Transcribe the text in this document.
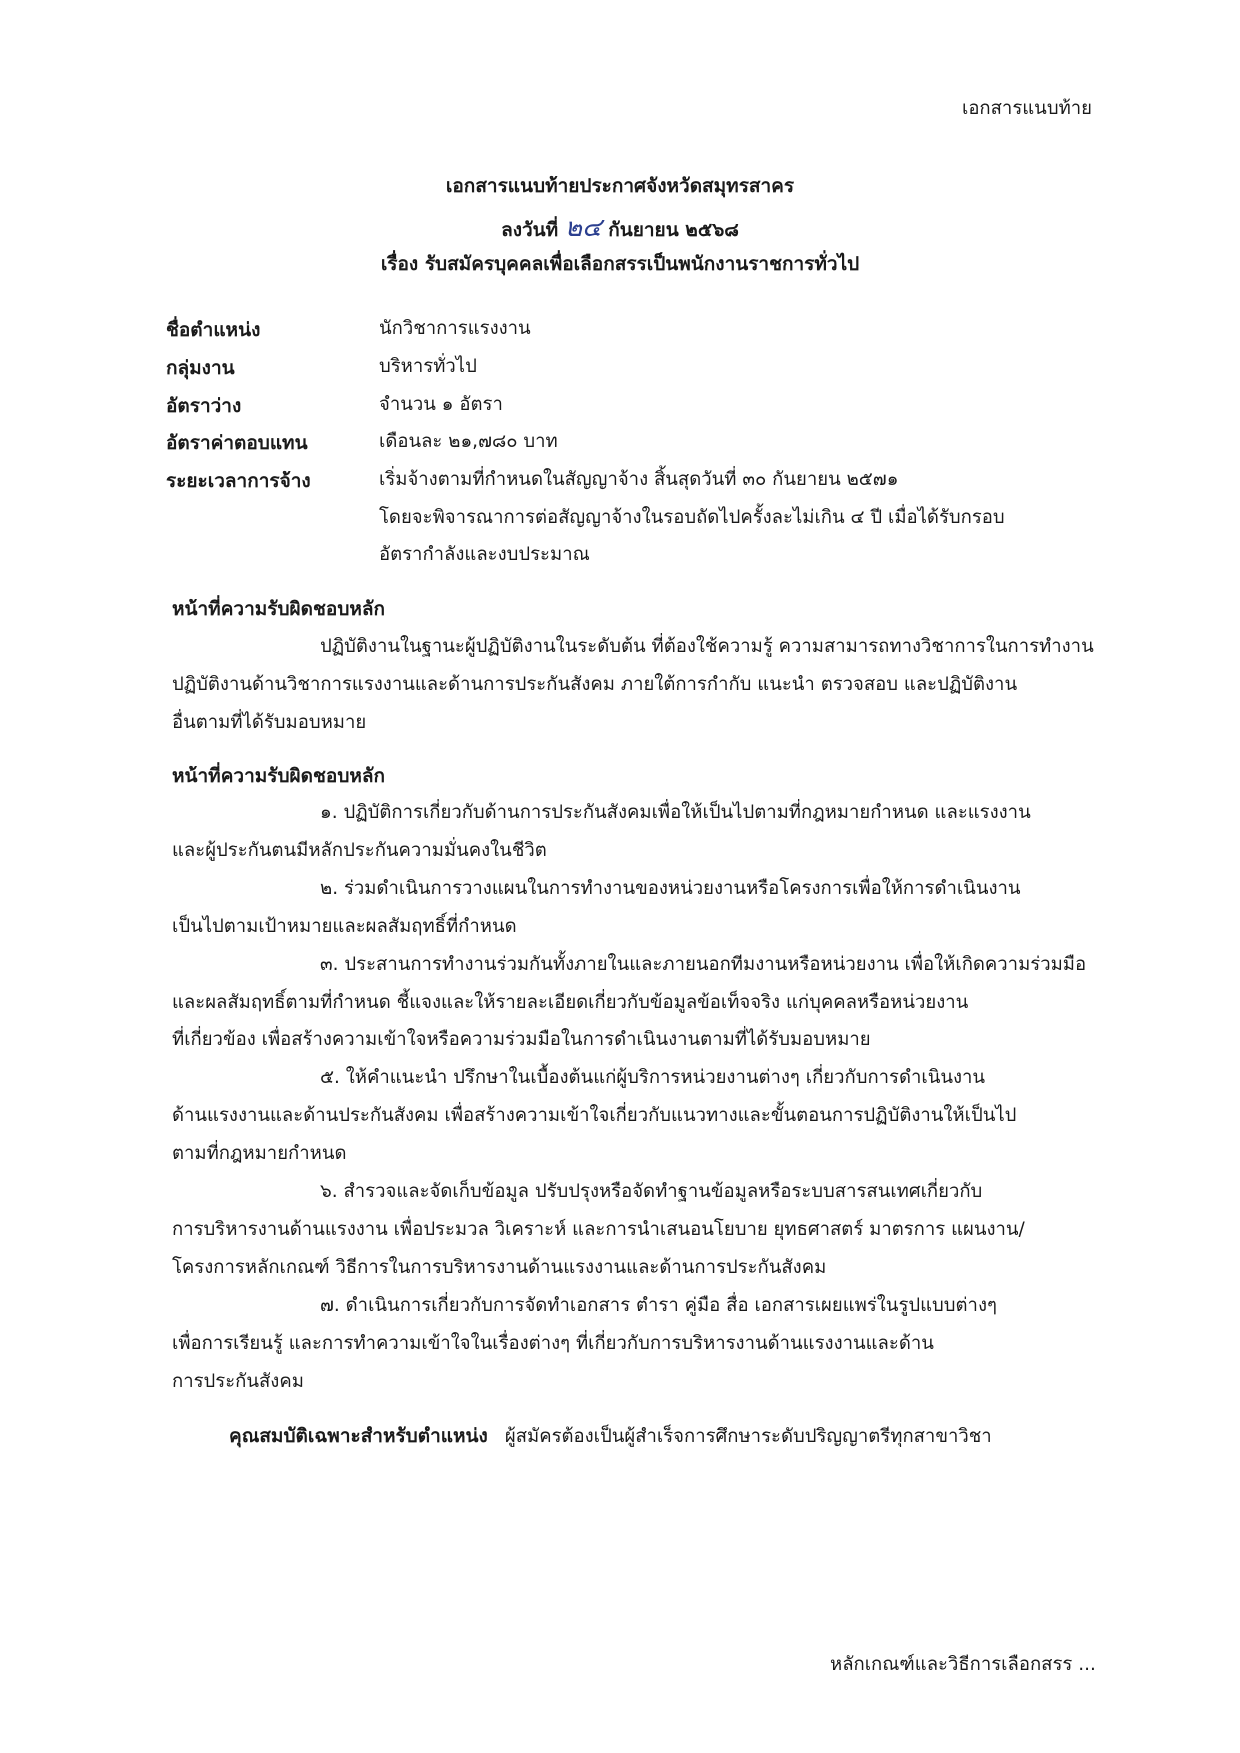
เอกสารแนบท้าย
เอกสารแนบท้ายประกาศจังหวัดสมุทรสาคร
ลงวันที่ ๒๔ กันยายน ๒๕๖๘
เรื่อง รับสมัครบุคคลเพื่อเลือกสรรเป็นพนักงานราชการทั่วไป
ชื่อตำแหน่ง	นักวิชาการแรงงาน
กลุ่มงาน	บริหารทั่วไป
อัตราว่าง	จำนวน ๑ อัตรา
อัตราค่าตอบแทน	เดือนละ ๒๑,๗๘๐ บาท
ระยะเวลาการจ้าง	เริ่มจ้างตามที่กำหนดในสัญญาจ้าง สิ้นสุดวันที่ ๓๐ กันยายน ๒๕๗๑
โดยจะพิจารณาการต่อสัญญาจ้างในรอบถัดไปครั้งละไม่เกิน ๔ ปี เมื่อได้รับกรอบ
อัตรากำลังและงบประมาณ
หน้าที่ความรับผิดชอบหลัก
ปฏิบัติงานในฐานะผู้ปฏิบัติงานในระดับต้น ที่ต้องใช้ความรู้ ความสามารถทางวิชาการในการทำงาน
ปฏิบัติงานด้านวิชาการแรงงานและด้านการประกันสังคม ภายใต้การกำกับ แนะนำ ตรวจสอบ และปฏิบัติงาน
อื่นตามที่ได้รับมอบหมาย
หน้าที่ความรับผิดชอบหลัก
๑. ปฏิบัติการเกี่ยวกับด้านการประกันสังคมเพื่อให้เป็นไปตามที่กฎหมายกำหนด และแรงงาน
และผู้ประกันตนมีหลักประกันความมั่นคงในชีวิต
๒. ร่วมดำเนินการวางแผนในการทำงานของหน่วยงานหรือโครงการเพื่อให้การดำเนินงาน
เป็นไปตามเป้าหมายและผลสัมฤทธิ์ที่กำหนด
๓. ประสานการทำงานร่วมกันทั้งภายในและภายนอกทีมงานหรือหน่วยงาน เพื่อให้เกิดความร่วมมือ
และผลสัมฤทธิ์ตามที่กำหนด ชี้แจงและให้รายละเอียดเกี่ยวกับข้อมูลข้อเท็จจริง แก่บุคคลหรือหน่วยงาน
ที่เกี่ยวข้อง เพื่อสร้างความเข้าใจหรือความร่วมมือในการดำเนินงานตามที่ได้รับมอบหมาย
๕. ให้คำแนะนำ ปรึกษาในเบื้องต้นแก่ผู้บริการหน่วยงานต่างๆ เกี่ยวกับการดำเนินงาน
ด้านแรงงานและด้านประกันสังคม เพื่อสร้างความเข้าใจเกี่ยวกับแนวทางและขั้นตอนการปฏิบัติงานให้เป็นไป
ตามที่กฎหมายกำหนด
๖. สำรวจและจัดเก็บข้อมูล ปรับปรุงหรือจัดทำฐานข้อมูลหรือระบบสารสนเทศเกี่ยวกับ
การบริหารงานด้านแรงงาน เพื่อประมวล วิเคราะห์ และการนำเสนอนโยบาย ยุทธศาสตร์ มาตรการ แผนงาน/
โครงการหลักเกณฑ์ วิธีการในการบริหารงานด้านแรงงานและด้านการประกันสังคม
๗. ดำเนินการเกี่ยวกับการจัดทำเอกสาร ตำรา คู่มือ สื่อ เอกสารเผยแพร่ในรูปแบบต่างๆ
เพื่อการเรียนรู้ และการทำความเข้าใจในเรื่องต่างๆ ที่เกี่ยวกับการบริหารงานด้านแรงงานและด้าน
การประกันสังคม
คุณสมบัติเฉพาะสำหรับตำแหน่ง ผู้สมัครต้องเป็นผู้สำเร็จการศึกษาระดับปริญญาตรีทุกสาขาวิชา
หลักเกณฑ์และวิธีการเลือกสรร ...
